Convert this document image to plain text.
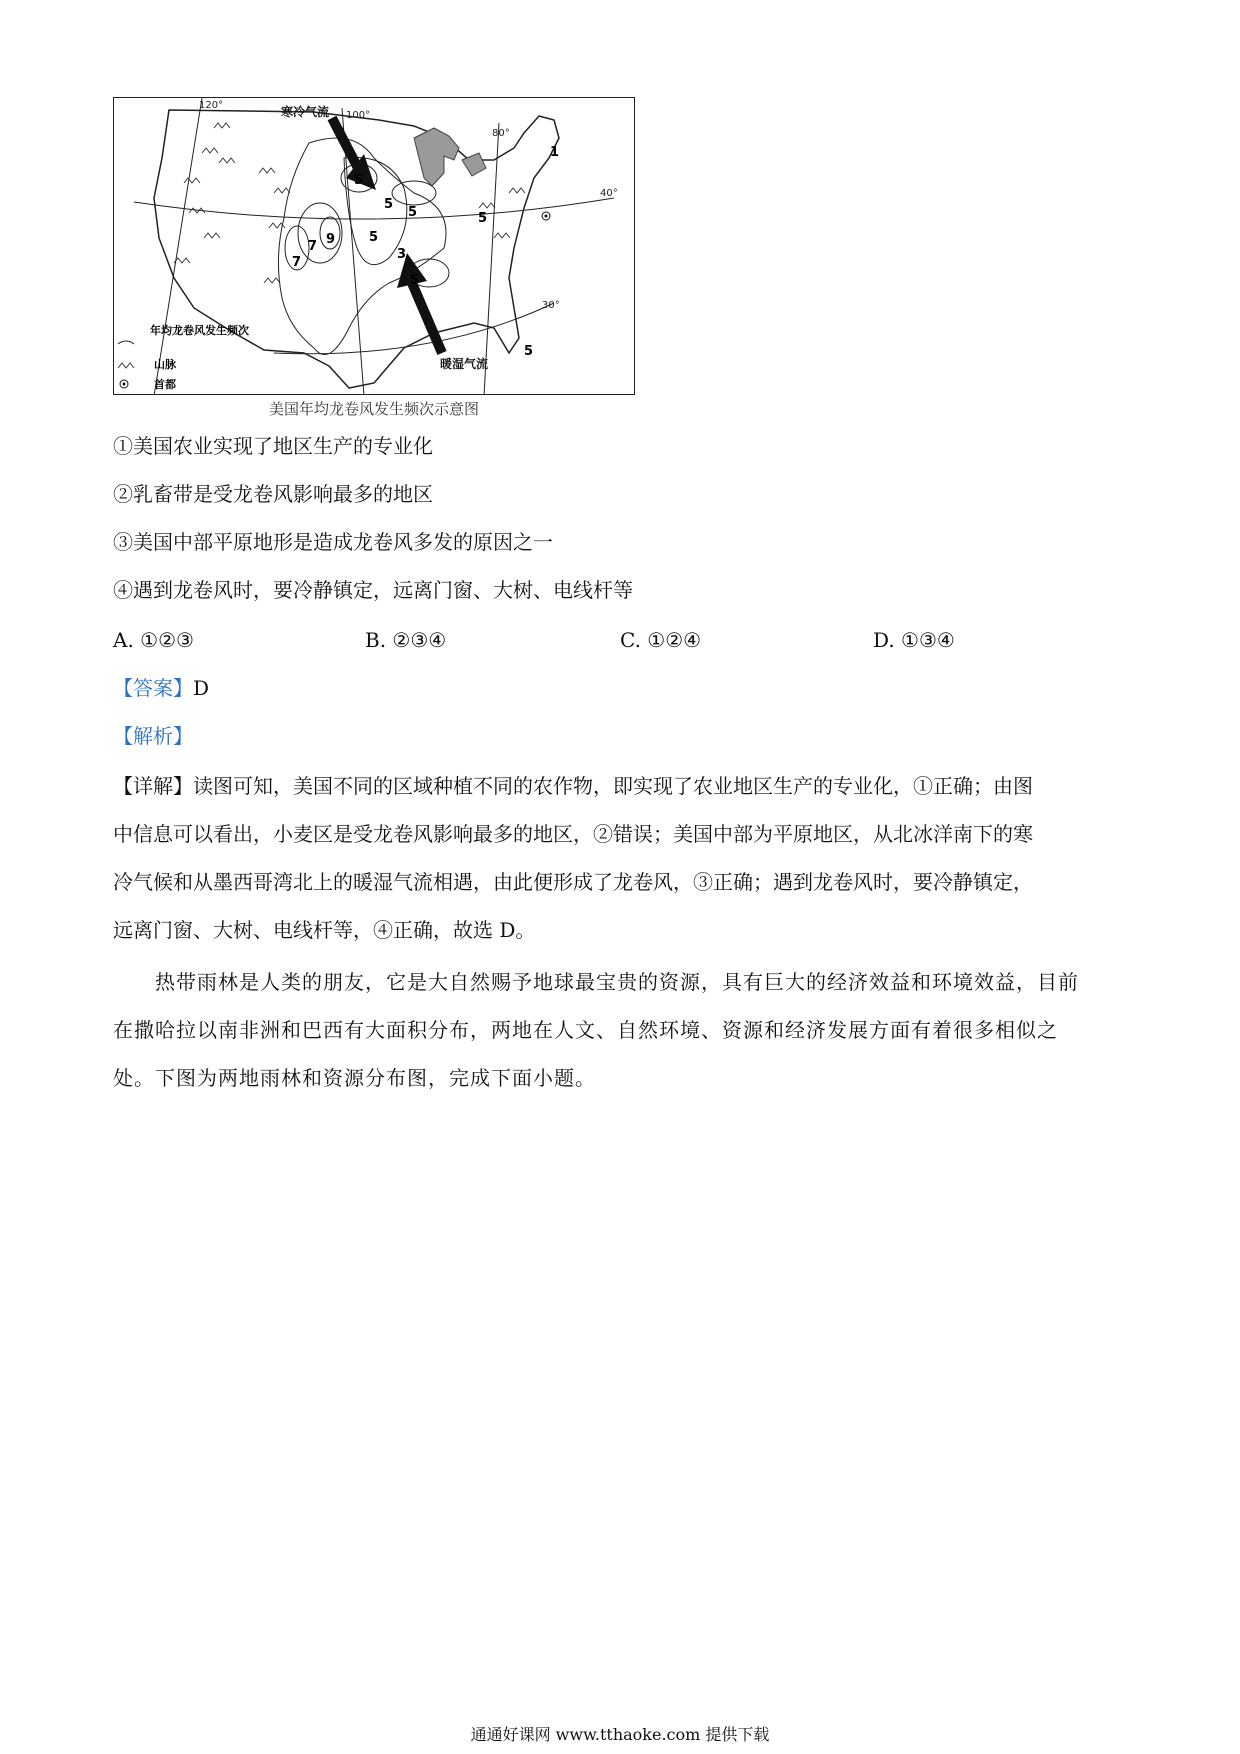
寒冷气流
暖湿气流
120°
100°
80°
40°
30°
5
5	5
5
3
7 9
7
5
5
5
1
年均龙卷风发生频次
山脉
首都
美国年均龙卷风发生频次示意图
①美国农业实现了地区生产的专业化
②乳畜带是受龙卷风影响最多的地区
③美国中部平原地形是造成龙卷风多发的原因之一
④遇到龙卷风时，要冷静镇定，远离门窗、大树、电线杆等
A. ①②③	B. ②③④	C. ①②④	D. ①③④
【答案】D
【解析】
【详解】读图可知，美国不同的区域种植不同的农作物，即实现了农业地区生产的专业化，①正确；由图
中信息可以看出，小麦区是受龙卷风影响最多的地区，②错误；美国中部为平原地区，从北冰洋南下的寒
冷气候和从墨西哥湾北上的暖湿气流相遇，由此便形成了龙卷风，③正确；遇到龙卷风时，要冷静镇定，
远离门窗、大树、电线杆等，④正确，故选 D。
热带雨林是人类的朋友，它是大自然赐予地球最宝贵的资源，具有巨大的经济效益和环境效益，目前
在撒哈拉以南非洲和巴西有大面积分布，两地在人文、自然环境、资源和经济发展方面有着很多相似之
处。下图为两地雨林和资源分布图，完成下面小题。
通通好课网 www.tthaoke.com 提供下载
